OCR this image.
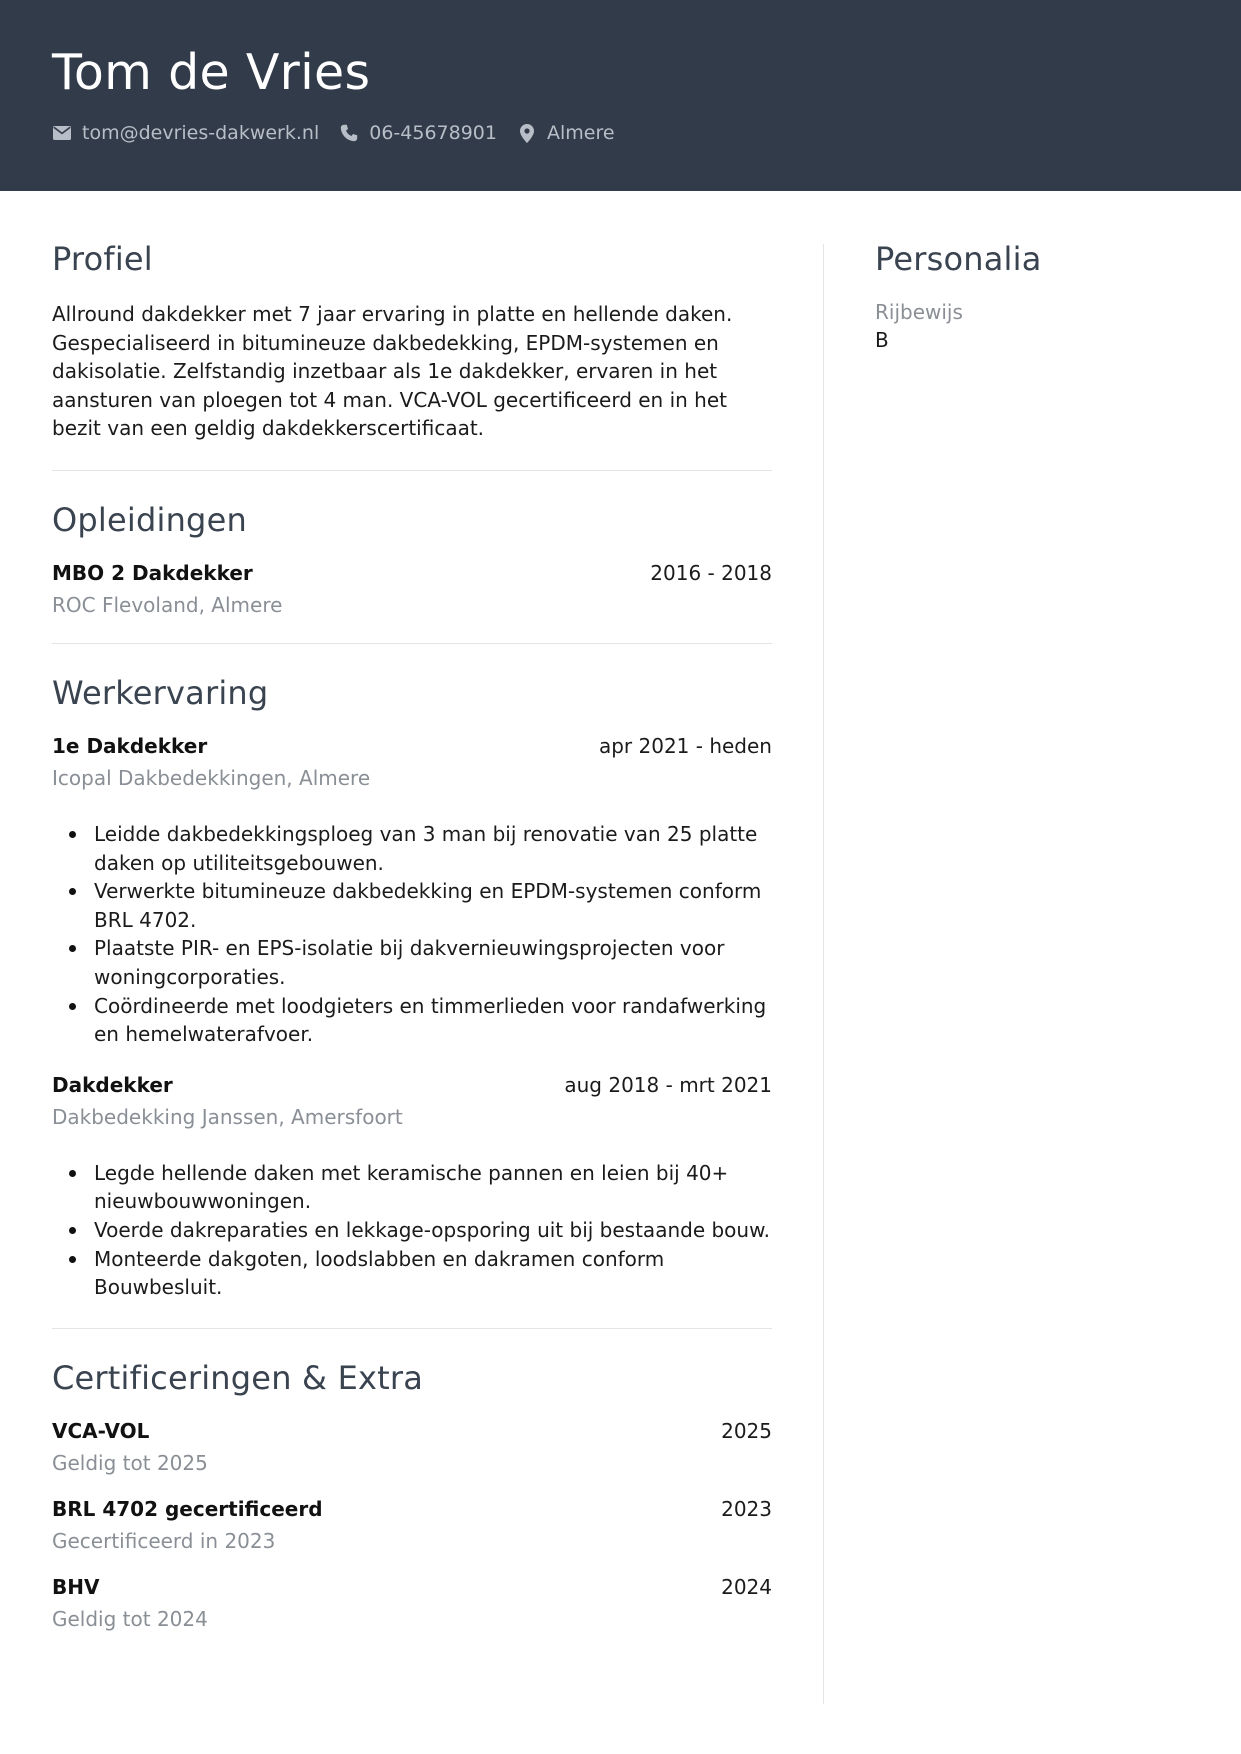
Tom de Vries
tom@devries-dakwerk.nl	06-45678901	Almere
Profiel

Allround dakdekker met 7 jaar ervaring in platte en hellende daken. Gespecialiseerd in bitumineuze dakbedekking, EPDM-systemen en dakisolatie. Zelfstandig inzetbaar als 1e dakdekker, ervaren in het aansturen van ploegen tot 4 man. VCA-VOL gecertificeerd en in het bezit van een geldig dakdekkerscertificaat.

Opleidingen
MBO 2 Dakdekker	2016 - 2018
ROC Flevoland, Almere
Werkervaring
1e Dakdekker	apr 2021 - heden
Icopal Dakbedekkingen, Almere
Leidde dakbedekkingsploeg van 3 man bij renovatie van 25 platte daken op utiliteitsgebouwen.
Verwerkte bitumineuze dakbedekking en EPDM-systemen conform BRL 4702.
Plaatste PIR- en EPS-isolatie bij dakvernieuwingsprojecten voor woningcorporaties.
Coördineerde met loodgieters en timmerlieden voor randafwerking en hemelwaterafvoer.
Dakdekker	aug 2018 - mrt 2021
Dakbedekking Janssen, Amersfoort
Legde hellende daken met keramische pannen en leien bij 40+ nieuwbouwwoningen.
Voerde dakreparaties en lekkage-opsporing uit bij bestaande bouw.
Monteerde dakgoten, loodslabben en dakramen conform Bouwbesluit.
Certificeringen & Extra
VCA-VOL	2025
Geldig tot 2025
BRL 4702 gecertificeerd	2023
Gecertificeerd in 2023
BHV	2024
Geldig tot 2024
Personalia
Rijbewijs
B
